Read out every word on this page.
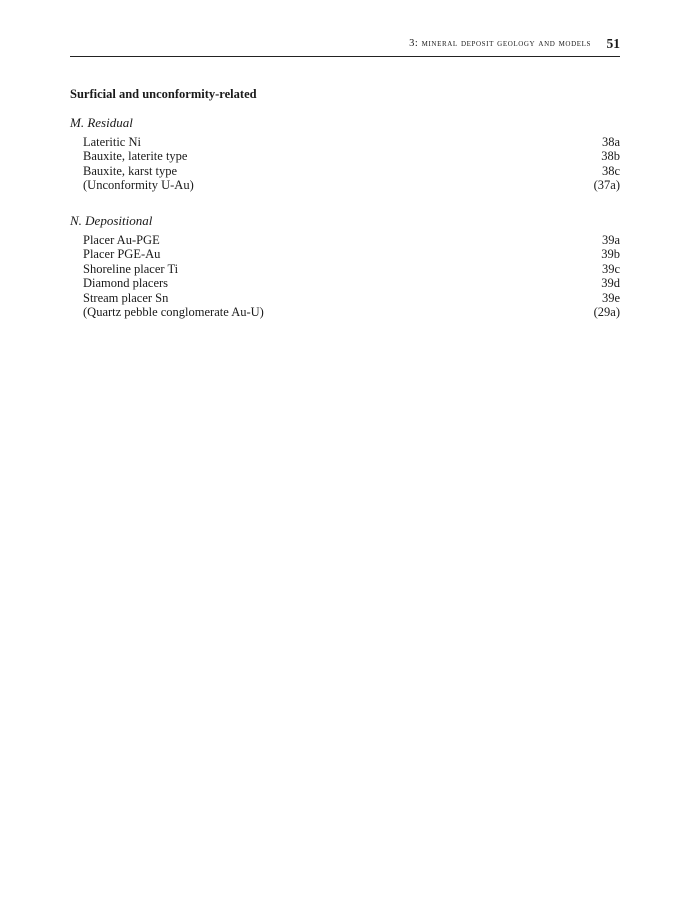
3: mineral deposit geology and models 51
Surficial and unconformity-related
M. Residual
Lateritic Ni	38a
Bauxite, laterite type	38b
Bauxite, karst type	38c
(Unconformity U-Au)	(37a)
N. Depositional
Placer Au-PGE	39a
Placer PGE-Au	39b
Shoreline placer Ti	39c
Diamond placers	39d
Stream placer Sn	39e
(Quartz pebble conglomerate Au-U)	(29a)
